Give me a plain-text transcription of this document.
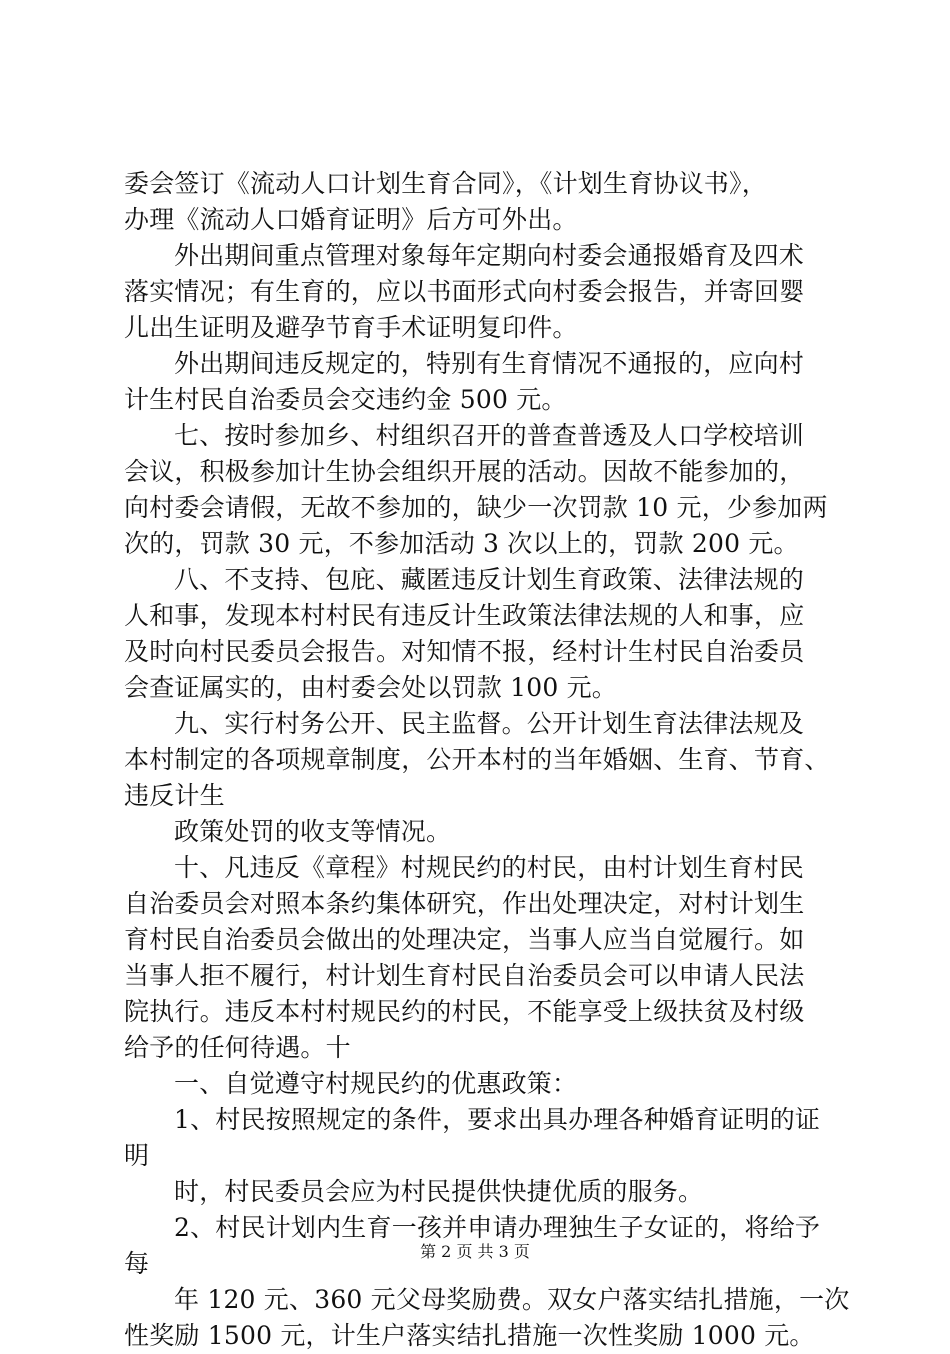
委会签订《流动人口计划生育合同》，《计划生育协议书》，
办理《流动人口婚育证明》后方可外出。
外出期间重点管理对象每年定期向村委会通报婚育及四术
落实情况；有生育的，应以书面形式向村委会报告，并寄回婴
儿出生证明及避孕节育手术证明复印件。
外出期间违反规定的，特别有生育情况不通报的，应向村
计生村民自治委员会交违约金 500 元。
七、按时参加乡、村组织召开的普查普透及人口学校培训
会议，积极参加计生协会组织开展的活动。因故不能参加的，
向村委会请假，无故不参加的，缺少一次罚款 10 元，少参加两
次的，罚款 30 元，不参加活动 3 次以上的，罚款 200 元。
八、不支持、包庇、藏匿违反计划生育政策、法律法规的
人和事，发现本村村民有违反计生政策法律法规的人和事，应
及时向村民委员会报告。对知情不报，经村计生村民自治委员
会查证属实的，由村委会处以罚款 100 元。
九、实行村务公开、民主监督。公开计划生育法律法规及
本村制定的各项规章制度，公开本村的当年婚姻、生育、节育、
违反计生
政策处罚的收支等情况。
十、凡违反《章程》村规民约的村民，由村计划生育村民
自治委员会对照本条约集体研究，作出处理决定，对村计划生
育村民自治委员会做出的处理决定，当事人应当自觉履行。如
当事人拒不履行，村计划生育村民自治委员会可以申请人民法
院执行。违反本村村规民约的村民，不能享受上级扶贫及村级
给予的任何待遇。十
一、自觉遵守村规民约的优惠政策：
1、村民按照规定的条件，要求出具办理各种婚育证明的证
明
时，村民委员会应为村民提供快捷优质的服务。
2、村民计划内生育一孩并申请办理独生子女证的，将给予
每
年 120 元、360 元父母奖励费。双女户落实结扎措施，一次
性奖励 1500 元，计生户落实结扎措施一次性奖励 1000 元。
第 2 页 共 3 页
